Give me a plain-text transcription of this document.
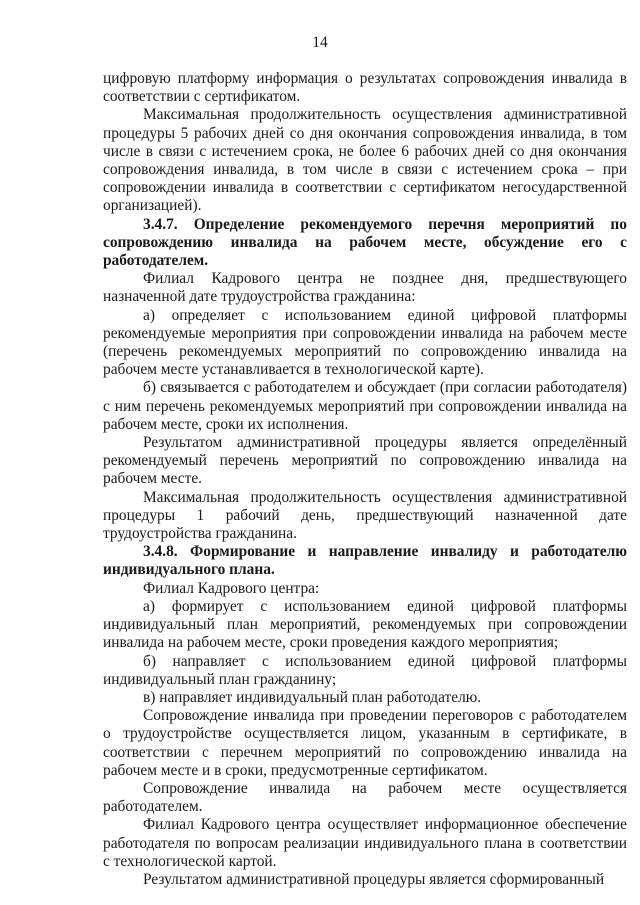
14

цифровую платформу информация о результатах сопровождения инвалида в соответствии с сертификатом.

Максимальная продолжительность осуществления административной процедуры 5 рабочих дней со дня окончания сопровождения инвалида, в том числе в связи с истечением срока, не более 6 рабочих дней со дня окончания сопровождения инвалида, в том числе в связи с истечением срока – при сопровождении инвалида в соответствии с сертификатом негосударственной организацией).

3.4.7. Определение рекомендуемого перечня мероприятий по сопровождению инвалида на рабочем месте, обсуждение его с работодателем.

Филиал Кадрового центра не позднее дня, предшествующего назначенной дате трудоустройства гражданина:

а) определяет с использованием единой цифровой платформы рекомендуемые мероприятия при сопровождении инвалида на рабочем месте (перечень рекомендуемых мероприятий по сопровождению инвалида на рабочем месте устанавливается в технологической карте).

б) связывается с работодателем и обсуждает (при согласии работодателя) с ним перечень рекомендуемых мероприятий при сопровождении инвалида на рабочем месте, сроки их исполнения.

Результатом административной процедуры является определённый рекомендуемый перечень мероприятий по сопровождению инвалида на рабочем месте.

Максимальная продолжительность осуществления административной процедуры 1 рабочий день, предшествующий назначенной дате трудоустройства гражданина.

3.4.8. Формирование и направление инвалиду и работодателю индивидуального плана.

Филиал Кадрового центра:

а) формирует с использованием единой цифровой платформы индивидуальный план мероприятий, рекомендуемых при сопровождении инвалида на рабочем месте, сроки проведения каждого мероприятия;

б) направляет с использованием единой цифровой платформы индивидуальный план гражданину;

в) направляет индивидуальный план работодателю.

Сопровождение инвалида при проведении переговоров с работодателем о трудоустройстве осуществляется лицом, указанным в сертификате, в соответствии с перечнем мероприятий по сопровождению инвалида на рабочем месте и в сроки, предусмотренные сертификатом.

Сопровождение инвалида на рабочем месте осуществляется работодателем.

Филиал Кадрового центра осуществляет информационное обеспечение работодателя по вопросам реализации индивидуального плана в соответствии с технологической картой.

Результатом административной процедуры является сформированный
